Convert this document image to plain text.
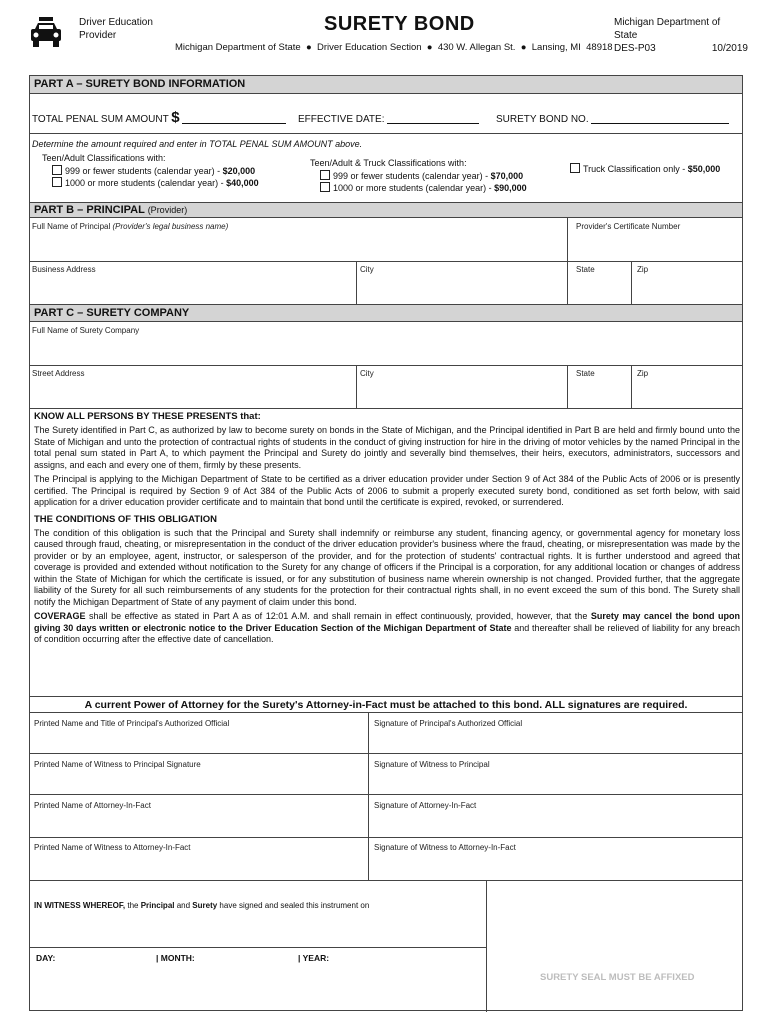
Driver Education
Provider
SURETY BOND	Michigan Department of State
DES-P03	10/2019
Michigan Department of State  ●  Driver Education Section  ●  430 W. Allegan St.  ●  Lansing, MI  48918
PART A – SURETY BOND INFORMATION
TOTAL PENAL SUM AMOUNT $	EFFECTIVE DATE:	SURETY BOND NO.
Determine the amount required and enter in TOTAL PENAL SUM AMOUNT above.
Teen/Adult Classifications with:
999 or fewer students (calendar year) - $20,000
1000 or more students (calendar year) - $40,000
Teen/Adult & Truck Classifications with:
999 or fewer students (calendar year) - $70,000
1000 or more students (calendar year) - $90,000
Truck Classification only - $50,000
PART B – PRINCIPAL (Provider)
Full Name of Principal (Provider's legal business name)	Provider's Certificate Number
Business Address	City	State	Zip
PART C – SURETY COMPANY
Full Name of Surety Company
Street Address	City	State	Zip
KNOW ALL PERSONS BY THESE PRESENTS that:
The Surety identified in Part C, as authorized by law to become surety on bonds in the State of Michigan, and the Principal identified in Part B are held and firmly bound unto the State of Michigan and unto the protection of contractual rights of students in the conduct of giving instruction for hire in the driving of motor vehicles by the named Principal in the total penal sum stated in Part A, to which payment the Principal and Surety do jointly and severally bind themselves, their heirs, executors, administrators, successors and assigns, and each and every one of them, firmly by these presents.
The Principal is applying to the Michigan Department of State to be certified as a driver education provider under Section 9 of Act 384 of the Public Acts of 2006 or is presently certified. The Principal is required by Section 9 of Act 384 of the Public Acts of 2006 to submit a properly executed surety bond, conditioned as set forth below, with said application for a driver education provider certificate and to maintain that bond until the certificate is expired, revoked, or surrendered.
THE CONDITIONS OF THIS OBLIGATION
The condition of this obligation is such that the Principal and Surety shall indemnify or reimburse any student, financing agency, or governmental agency for monetary loss caused through fraud, cheating, or misrepresentation in the conduct of the driver education provider's business where the fraud, cheating, or misrepresentation was made by the provider or by an employee, agent, instructor, or salesperson of the provider, and for the protection of students' contractual rights. It is further understood and agreed that coverage is provided and extended without notification to the Surety for any change of officers if the Principal is a corporation, for any additional location or changes of address within the State of Michigan for which the certificate is issued, or for any substitution of business name wherein ownership is not changed. Provided further, that the aggregate liability of the Surety for all such reimbursements of any students for the protection for their contractual rights shall, in no event exceed the sum of this bond. The Surety shall notify the Michigan Department of State of any payment of claim under this bond.
COVERAGE shall be effective as stated in Part A as of 12:01 A.M. and shall remain in effect continuously, provided, however, that the Surety may cancel the bond upon giving 30 days written or electronic notice to the Driver Education Section of the Michigan Department of State and thereafter shall be relieved of liability for any breach of condition occurring after the effective date of cancellation.
A current Power of Attorney for the Surety's Attorney-in-Fact must be attached to this bond. ALL signatures are required.
Printed Name and Title of Principal's Authorized Official	Signature of Principal's Authorized Official
Printed Name of Witness to Principal Signature	Signature of Witness to Principal
Printed Name of Attorney-In-Fact	Signature of Attorney-In-Fact
Printed Name of Witness to Attorney-In-Fact	Signature of Witness to Attorney-In-Fact
IN WITNESS WHEREOF, the Principal and Surety have signed and sealed this instrument on
DAY:	| MONTH:	| YEAR:
SURETY SEAL MUST BE AFFIXED
